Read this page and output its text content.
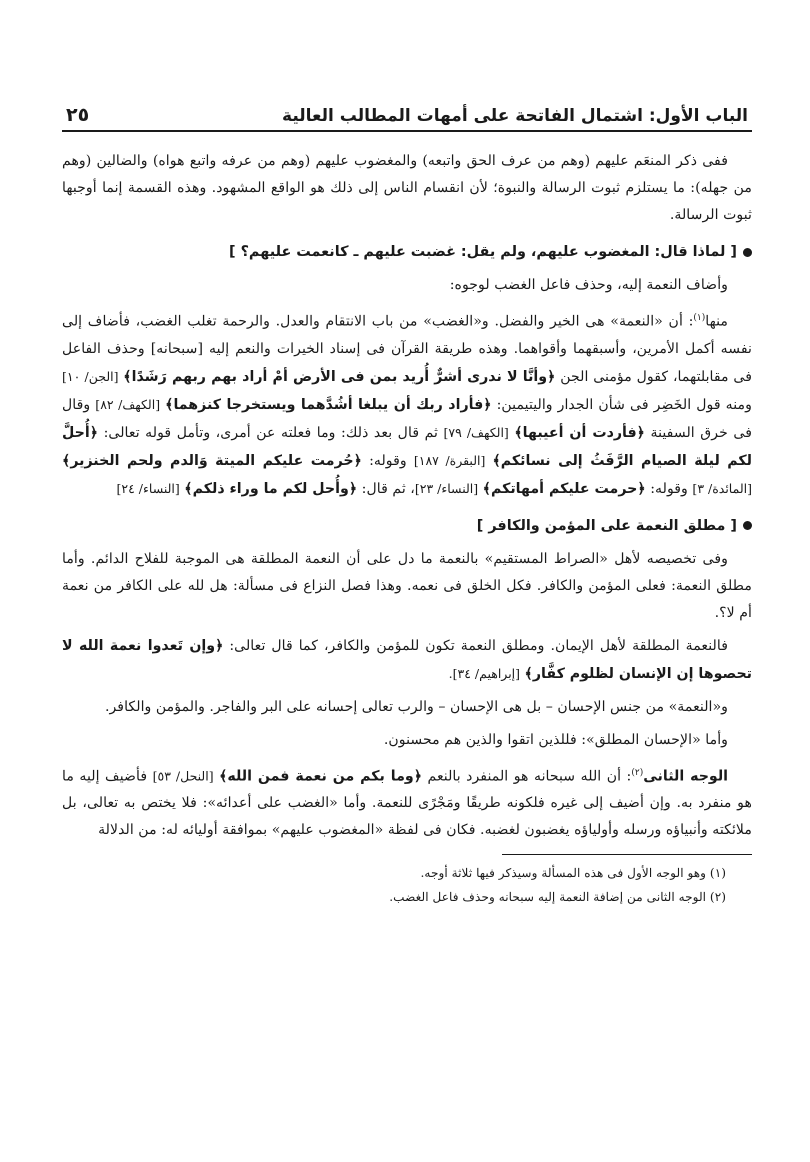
الباب الأول: اشتمال الفاتحة على أمهات المطالب العالية
٢٥

ففى ذكر المنعَم عليهم (وهم من عرف الحق واتبعه) والمغضوب عليهم (وهم من عرفه واتبع هواه) والضالين (وهم من جهله): ما يستلزم ثبوت الرسالة والنبوة؛ لأن انقسام الناس إلى ذلك هو الواقع المشهود. وهذه القسمة إنما أوجبها ثبوت الرسالة.

[ لماذا قال: المغضوب عليهم، ولم يقل: غضبت عليهم ـ كانعمت عليهم؟ ]

وأضاف النعمة إليه، وحذف فاعل الغضب لوجوه:

منها$^{(١)}$: أن «النعمة» هى الخير والفضل. و«الغضب» من باب الانتقام والعدل. والرحمة تغلب الغضب، فأضاف إلى نفسه أكمل الأمرين، وأسبقهما وأقواهما. وهذه طريقة القرآن فى إسناد الخيرات والنعم إليه [سبحانه] وحذف الفاعل فى مقابلتهما، كقول مؤمنى الجن ﴿وأنَّا لا ندرى أشرٌّ أُريد بمن فى الأرض أمْ أراد بهم ربهم رَشَدًا﴾ [الجن/ ١٠] ومنه قول الخَضِر فى شأن الجدار واليتيمين: ﴿فأراد ربك أن يبلغا أشُدَّهما ويستخرجا كنزهما﴾ [الكهف/ ٨٢] وقال فى خرق السفينة ﴿فأردت أن أعيبها﴾ [الكهف/ ٧٩] ثم قال بعد ذلك: وما فعلته عن أمرى، وتأمل قوله تعالى: ﴿أُحلَّ لكم ليلة الصيام الرَّفَثُ إلى نسائكم﴾ [البقرة/ ١٨٧] وقوله: ﴿حُرمت عليكم الميتة وَالدم ولحم الخنزير﴾ [المائدة/ ٣] وقوله: ﴿حرمت عليكم أمهاتكم﴾ [النساء/ ٢٣]، ثم قال: ﴿وأُحل لكم ما وراء ذلكم﴾ [النساء/ ٢٤]

[ مطلق النعمة على المؤمن والكافر ]

وفى تخصيصه لأهل «الصراط المستقيم» بالنعمة ما دل على أن النعمة المطلقة هى الموجبة للفلاح الدائم. وأما مطلق النعمة: فعلى المؤمن والكافر. فكل الخلق فى نعمه. وهذا فصل النزاع فى مسألة: هل لله على الكافر من نعمة أم لا؟.

فالنعمة المطلقة لأهل الإيمان. ومطلق النعمة تكون للمؤمن والكافر، كما قال تعالى: ﴿وإن تَعدوا نعمة الله لا تحصوها إن الإنسان لظلوم كفَّار﴾ [إبراهيم/ ٣٤].

و«النعمة» من جنس الإحسان – بل هى الإحسان – والرب تعالى إحسانه على البر والفاجر. والمؤمن والكافر.

وأما «الإحسان المطلق»: فللذين اتقوا والذين هم محسنون.

الوجه الثانى$^{(٢)}$: أن الله سبحانه هو المنفرد بالنعم ﴿وما بكم من نعمة فمن الله﴾ [النحل/ ٥٣] فأضيف إليه ما هو منفرد به. وإن أضيف إلى غيره فلكونه طريقًا ومَجْرًى للنعمة. وأما «الغضب على أعدائه»: فلا يختص به تعالى، بل ملائكته وأنبياؤه ورسله وأولياؤه يغضبون لغضبه. فكان فى لفظة «المغضوب عليهم» بموافقة أوليائه له: من الدلالة

(١) وهو الوجه الأول فى هذه المسألة وسيذكر فيها ثلاثة أوجه.

(٢) الوجه الثانى من إضافة النعمة إليه سبحانه وحذف فاعل الغضب.
